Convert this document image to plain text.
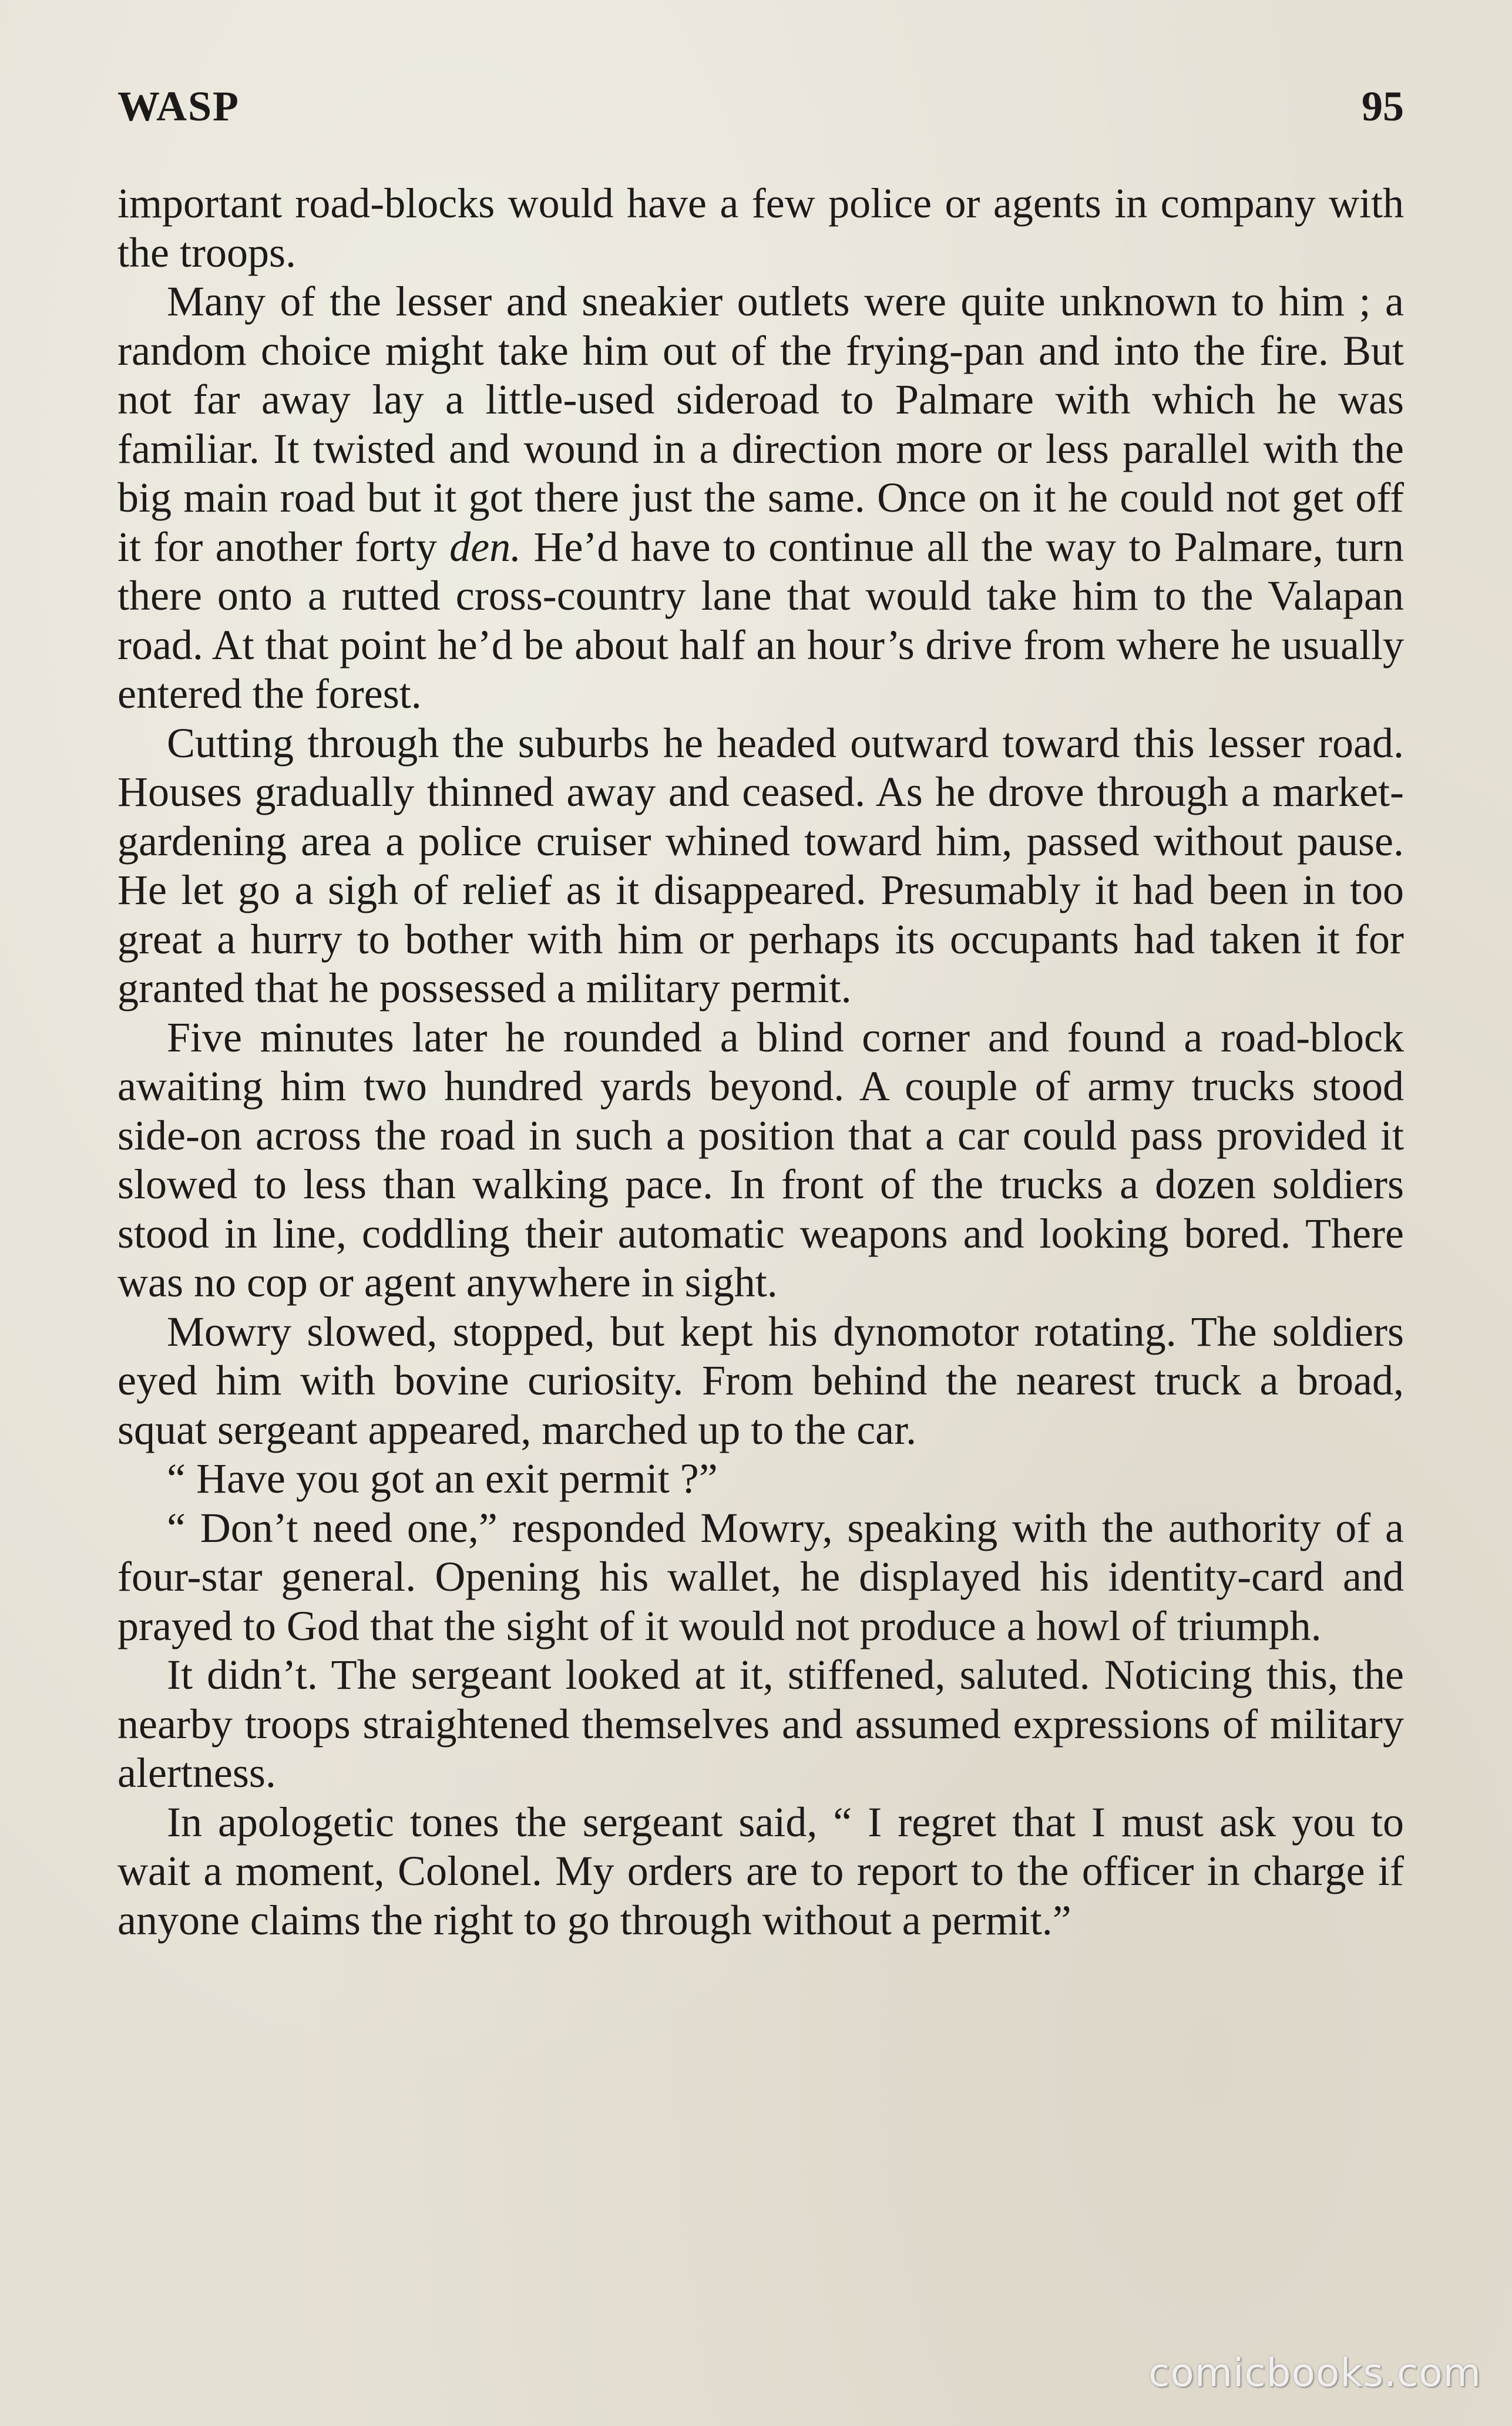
WASP	95

important road-blocks would have a few police or agents in company with the troops.

Many of the lesser and sneakier outlets were quite unknown to him ; a random choice might take him out of the frying-pan and into the fire. But not far away lay a little-used sideroad to Palmare with which he was familiar. It twisted and wound in a direction more or less parallel with the big main road but it got there just the same. Once on it he could not get off it for another forty den. He’d have to continue all the way to Palmare, turn there onto a rutted cross-country lane that would take him to the Valapan road. At that point he’d be about half an hour’s drive from where he usually entered the forest.

Cutting through the suburbs he headed outward toward this lesser road. Houses gradually thinned away and ceased. As he drove through a market-gardening area a police cruiser whined toward him, passed without pause. He let go a sigh of relief as it disappeared. Presumably it had been in too great a hurry to bother with him or perhaps its occupants had taken it for granted that he possessed a military permit.

Five minutes later he rounded a blind corner and found a road-block awaiting him two hundred yards beyond. A couple of army trucks stood side-on across the road in such a position that a car could pass provided it slowed to less than walking pace. In front of the trucks a dozen soldiers stood in line, coddling their automatic weapons and looking bored. There was no cop or agent anywhere in sight.

Mowry slowed, stopped, but kept his dynomotor rotating. The soldiers eyed him with bovine curiosity. From behind the nearest truck a broad, squat sergeant appeared, marched up to the car.

“ Have you got an exit permit ?”

“ Don’t need one,” responded Mowry, speaking with the authority of a four-star general. Opening his wallet, he displayed his identity-card and prayed to God that the sight of it would not produce a howl of triumph.

It didn’t. The sergeant looked at it, stiffened, saluted. Noticing this, the nearby troops straightened themselves and assumed expressions of military alertness.

In apologetic tones the sergeant said, “ I regret that I must ask you to wait a moment, Colonel. My orders are to report to the officer in charge if anyone claims the right to go through without a permit.”

comicbooks.com
